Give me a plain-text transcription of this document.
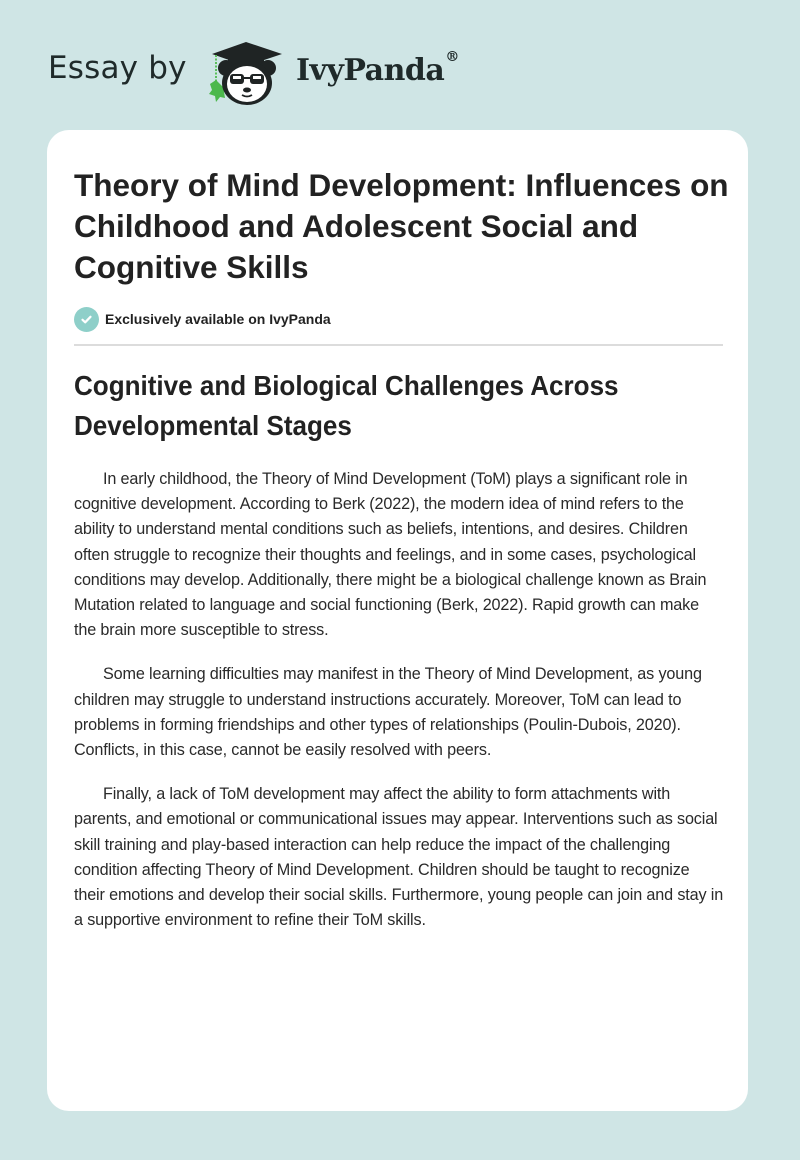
Essay by	IvyPanda®
Theory of Mind Development: Influences on Childhood and Adolescent Social and Cognitive Skills
Exclusively available on IvyPanda
Cognitive and Biological Challenges Across Developmental Stages

In early childhood, the Theory of Mind Development (ToM) plays a significant role in cognitive development. According to Berk (2022), the modern idea of mind refers to the ability to understand mental conditions such as beliefs, intentions, and desires. Children often struggle to recognize their thoughts and feelings, and in some cases, psychological conditions may develop. Additionally, there might be a biological challenge known as Brain Mutation related to language and social functioning (Berk, 2022). Rapid growth can make the brain more susceptible to stress.

Some learning difficulties may manifest in the Theory of Mind Development, as young children may struggle to understand instructions accurately. Moreover, ToM can lead to problems in forming friendships and other types of relationships (Poulin-Dubois, 2020). Conflicts, in this case, cannot be easily resolved with peers.

Finally, a lack of ToM development may affect the ability to form attachments with parents, and emotional or communicational issues may appear. Interventions such as social skill training and play-based interaction can help reduce the impact of the challenging condition affecting Theory of Mind Development. Children should be taught to recognize their emotions and develop their social skills. Furthermore, young people can join and stay in a supportive environment to refine their ToM skills.
